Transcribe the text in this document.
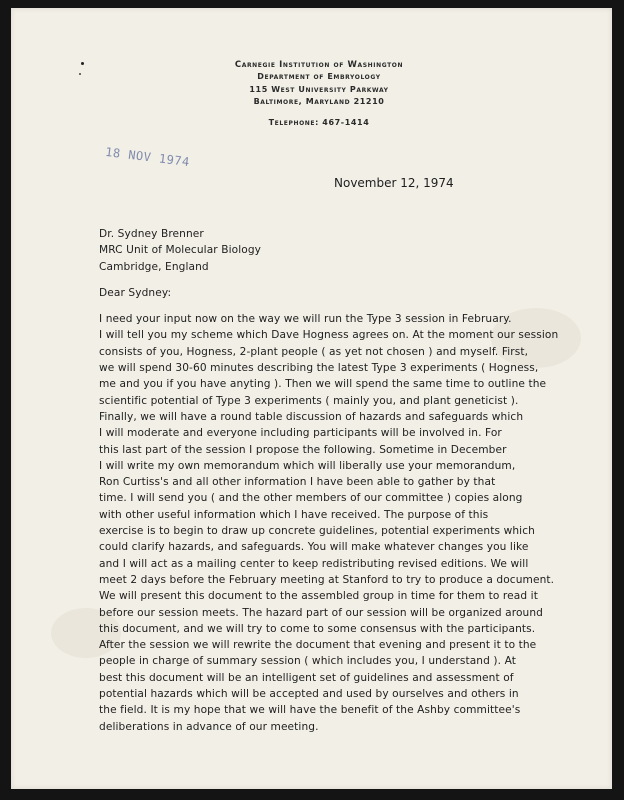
Carnegie Institution of Washington
Department of Embryology
115 West University Parkway
Baltimore, Maryland 21210
Telephone: 467-1414
18 NOV 1974
November 12, 1974
Dr. Sydney Brenner
MRC Unit of Molecular Biology
Cambridge, England
Dear Sydney:
I need your input now on the way we will run the Type 3 session in February.
I will tell you my scheme which Dave Hogness agrees on. At the moment our session
consists of you, Hogness, 2-plant people ( as yet not chosen ) and myself. First,
we will spend 30-60 minutes describing the latest Type 3 experiments ( Hogness,
me and you if you have anyting ). Then we will spend the same time to outline the
scientific potential of Type 3 experiments ( mainly you, and plant geneticist ).
Finally, we will have a round table discussion of hazards and safeguards which
I will moderate and everyone including participants will be involved in. For
this last part of the session I propose the following. Sometime in December
I will write my own memorandum which will liberally use your memorandum,
Ron Curtiss's and all other information I have been able to gather by that
time. I will send you ( and the other members of our committee ) copies along
with other useful information which I have received. The purpose of this
exercise is to begin to draw up concrete guidelines, potential experiments which
could clarify hazards, and safeguards. You will make whatever changes you like
and I will act as a mailing center to keep redistributing revised editions. We will
meet 2 days before the February meeting at Stanford to try to produce a document.
We will present this document to the assembled group in time for them to read it
before our session meets. The hazard part of our session will be organized around
this document, and we will try to come to some consensus with the participants.
After the session we will rewrite the document that evening and present it to the
people in charge of summary session ( which includes you, I understand ). At
best this document will be an intelligent set of guidelines and assessment of
potential hazards which will be accepted and used by ourselves and others in
the field. It is my hope that we will have the benefit of the Ashby committee's
deliberations in advance of our meeting.
